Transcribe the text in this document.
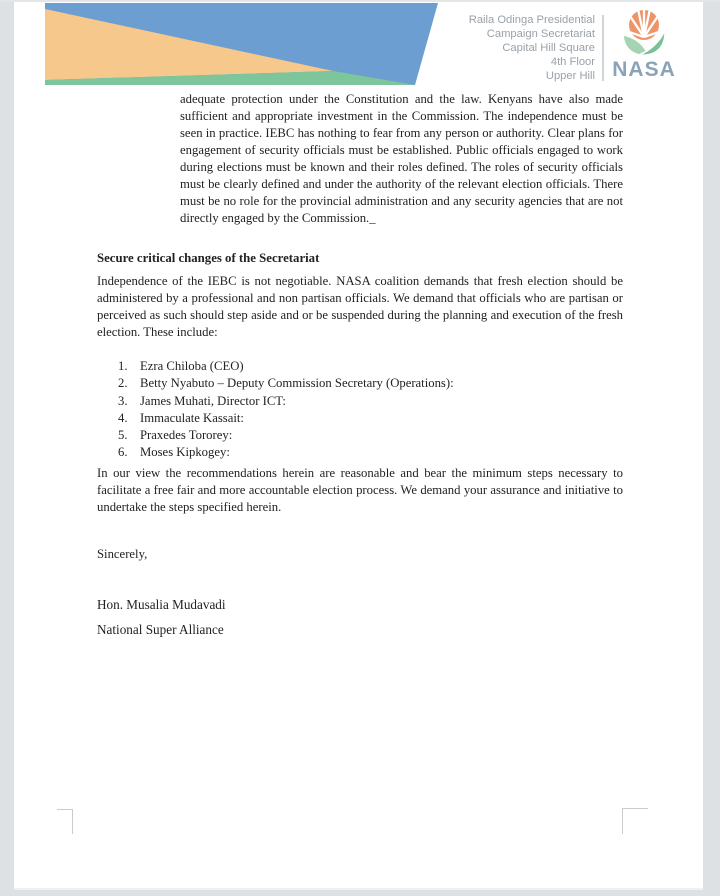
Raila Odinga Presidential
Campaign Secretariat
Capital Hill Square
4th Floor
Upper Hill NASA

adequate protection under the Constitution and the law. Kenyans have also made sufficient and appropriate investment in the Commission. The independence must be seen in practice. IEBC has nothing to fear from any person or authority. Clear plans for engagement of security officials must be established. Public officials engaged to work during elections must be known and their roles defined. The roles of security officials must be clearly defined and under the authority of the relevant election officials. There must be no role for the provincial administration and any security agencies that are not directly engaged by the Commission._

Secure critical changes of the Secretariat

Independence of the IEBC is not negotiable. NASA coalition demands that fresh election should be administered by a professional and non partisan officials. We demand that officials who are partisan or perceived as such should step aside and or be suspended during the planning and execution of the fresh election. These include:

1. Ezra Chiloba (CEO)
2. Betty Nyabuto – Deputy Commission Secretary (Operations):
3. James Muhati, Director ICT:
4. Immaculate Kassait:
5. Praxedes Tororey:
6. Moses Kipkogey:

In our view the recommendations herein are reasonable and bear the minimum steps necessary to facilitate a free fair and more accountable election process. We demand your assurance and initiative to undertake the steps specified herein.

Sincerely,

Hon. Musalia Mudavadi

National Super Alliance
